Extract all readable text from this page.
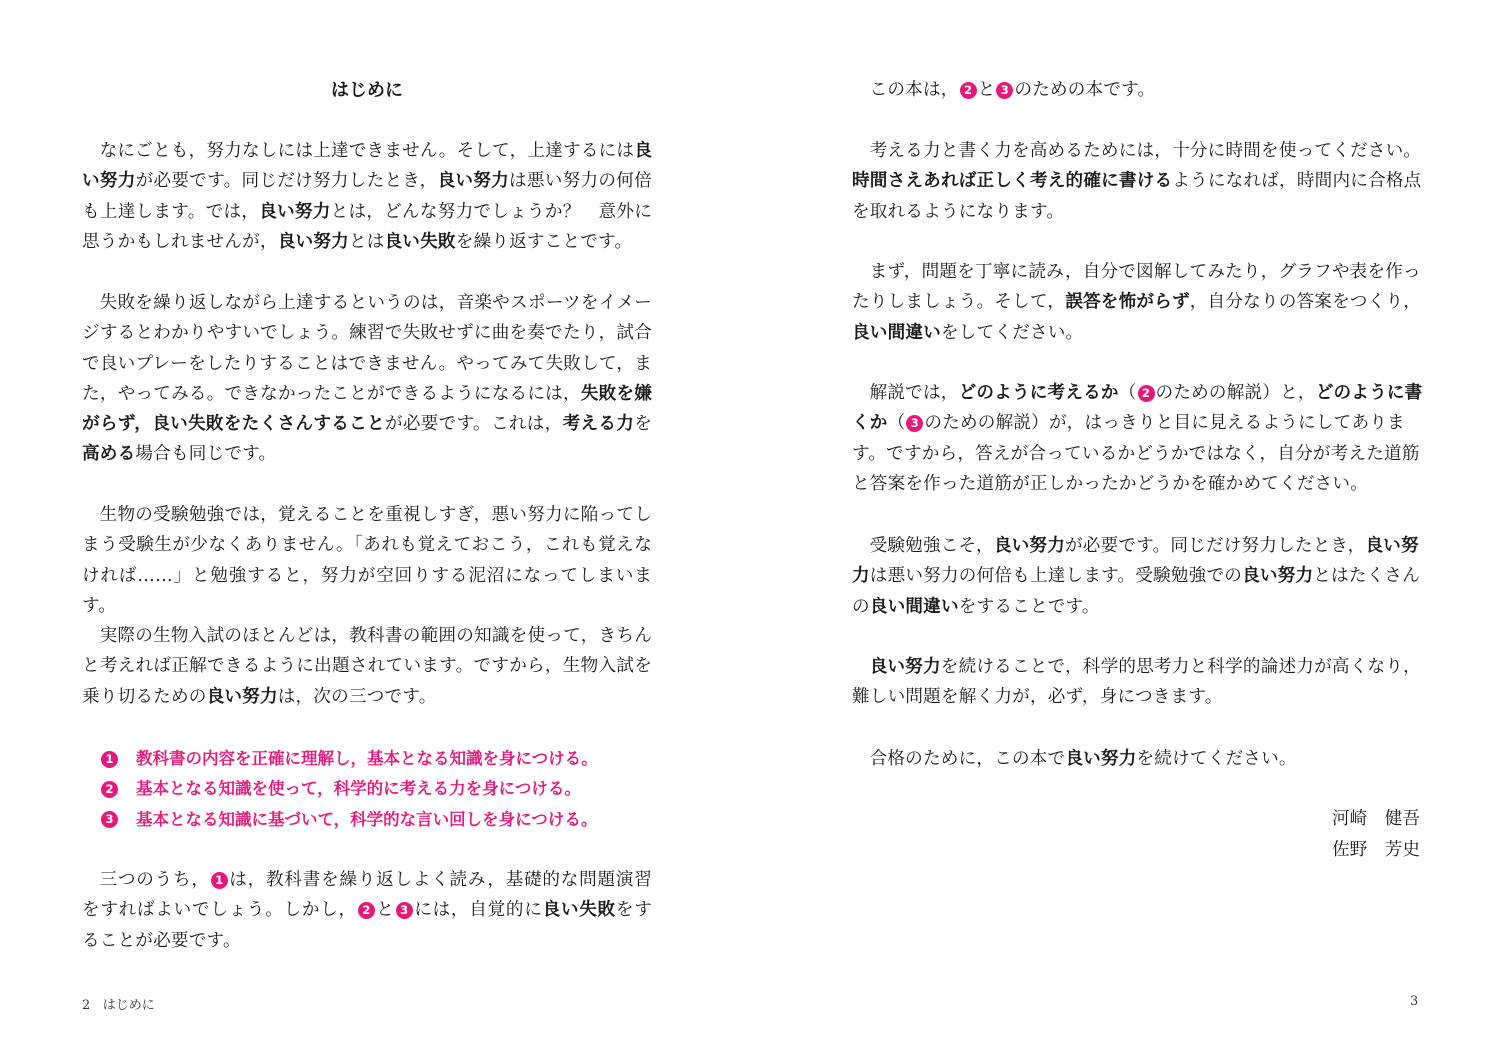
はじめに

なにごとも，努力なしには上達できません。そして，上達するには良い努力が必要です。同じだけ努力したとき，良い努力は悪い努力の何倍も上達します。では，良い努力とは，どんな努力でしょうか？　意外に思うかもしれませんが，良い努力とは良い失敗を繰り返すことです。

失敗を繰り返しながら上達するというのは，音楽やスポーツをイメージするとわかりやすいでしょう。練習で失敗せずに曲を奏でたり，試合で良いプレーをしたりすることはできません。やってみて失敗して，また，やってみる。できなかったことができるようになるには，失敗を嫌がらず，良い失敗をたくさんすることが必要です。これは，考える力を高める場合も同じです。

生物の受験勉強では，覚えることを重視しすぎ，悪い努力に陥ってしまう受験生が少なくありません。「あれも覚えておこう，これも覚えなければ……」と勉強すると，努力が空回りする泥沼になってしまいます。

実際の生物入試のほとんどは，教科書の範囲の知識を使って，きちんと考えれば正解できるように出題されています。ですから，生物入試を乗り切るための良い努力は，次の三つです。

1 教科書の内容を正確に理解し，基本となる知識を身につける。
2 基本となる知識を使って，科学的に考える力を身につける。
3 基本となる知識に基づいて，科学的な言い回しを身につける。

三つのうち， 1 は，教科書を繰り返しよく読み，基礎的な問題演習をすればよいでしょう。しかし， 2 と 3 には，自覚的に良い失敗をすることが必要です。

2 はじめに

この本は， 2 と 3 のための本です。

考える力と書く力を高めるためには，十分に時間を使ってください。時間さえあれば正しく考え的確に書けるようになれば，時間内に合格点を取れるようになります。

まず，問題を丁寧に読み，自分で図解してみたり，グラフや表を作ったりしましょう。そして，誤答を怖がらず，自分なりの答案をつくり，良い間違いをしてください。

解説では，どのように考えるか（ 2 のための解説）と，どのように書くか（ 3 のための解説）が，はっきりと目に見えるようにしてあります。ですから，答えが合っているかどうかではなく，自分が考えた道筋と答案を作った道筋が正しかったかどうかを確かめてください。

受験勉強こそ，良い努力が必要です。同じだけ努力したとき，良い努力は悪い努力の何倍も上達します。受験勉強での良い努力とはたくさんの良い間違いをすることです。

良い努力を続けることで，科学的思考力と科学的論述力が高くなり，難しい問題を解く力が，必ず，身につきます。

合格のために，この本で良い努力を続けてください。

河崎　健吾
佐野　芳史
3
